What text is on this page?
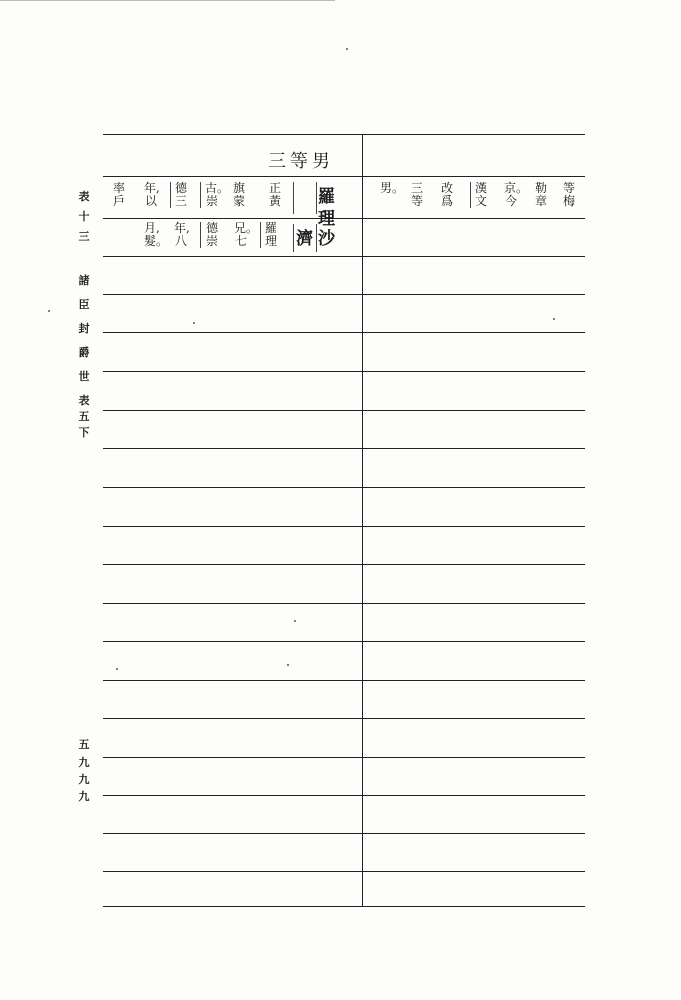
表
十
三
諸
臣
封
爵
世
表
五
下
五
九
九
九
三等男
羅
理
正
黃
旗
蒙
古。
崇
德
三
年,
以
率
戶
沙
濟
羅
理
兄。
七
德
崇
年,
八
月,
髮。
等
梅
勒
章
京。
今
漢
文
改
爲
三
等
男。
